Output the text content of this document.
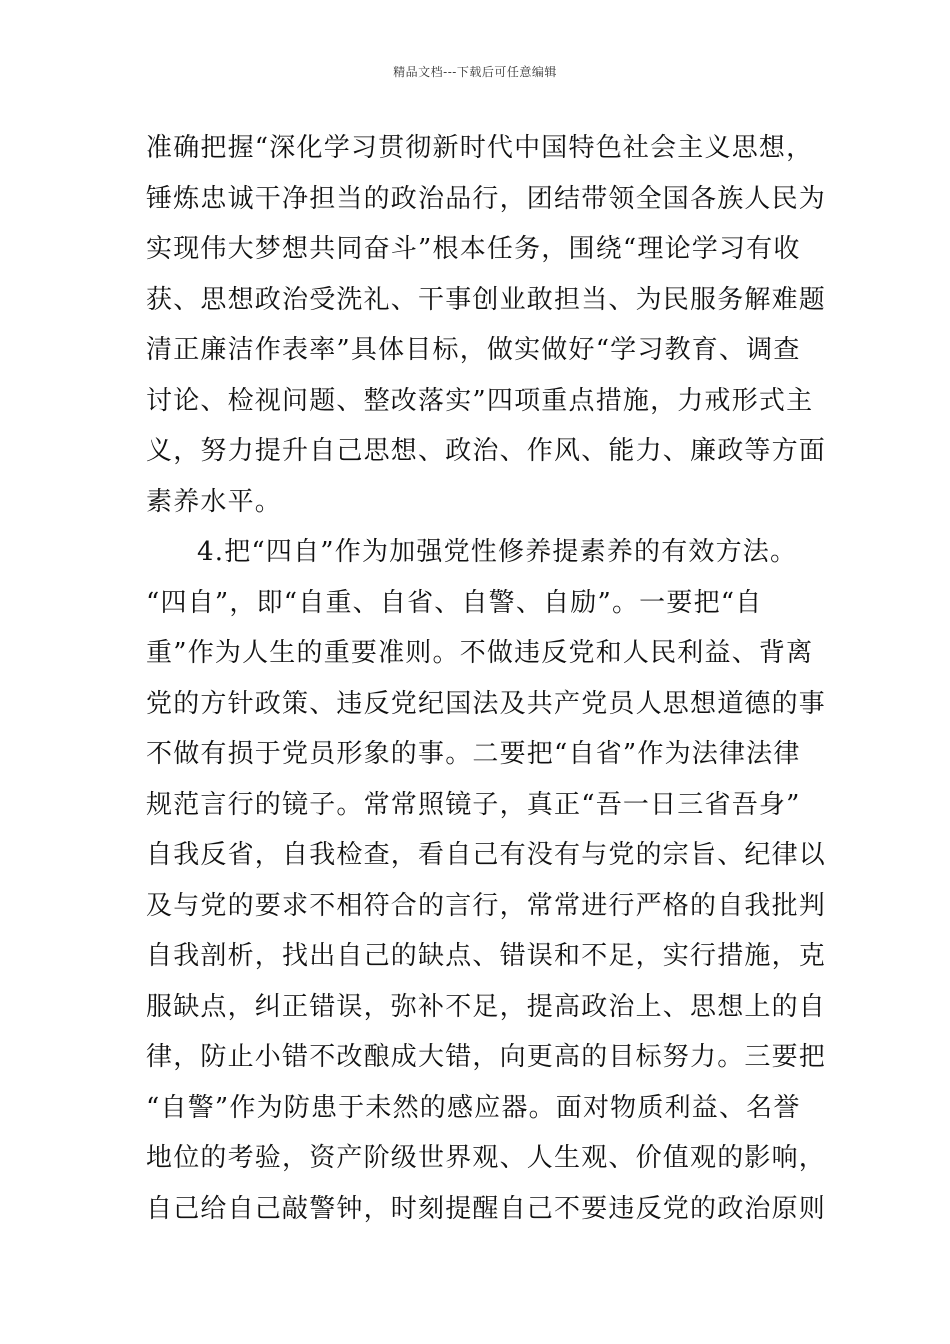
精品文档---下载后可任意编辑
准确把握“深化学习贯彻新时代中国特色社会主义思想，
锤炼忠诚干净担当的政治品行，团结带领全国各族人民为
实现伟大梦想共同奋斗”根本任务，围绕“理论学习有收
获、思想政治受洗礼、干事创业敢担当、为民服务解难题
清正廉洁作表率”具体目标，做实做好“学习教育、调查
讨论、检视问题、整改落实”四项重点措施，力戒形式主
义，努力提升自己思想、政治、作风、能力、廉政等方面
素养水平。
4.把“四自”作为加强党性修养提素养的有效方法。
“四自”，即“自重、自省、自警、自励”。一要把“自
重”作为人生的重要准则。不做违反党和人民利益、背离
党的方针政策、违反党纪国法及共产党员人思想道德的事
不做有损于党员形象的事。二要把“自省”作为法律法律
规范言行的镜子。常常照镜子，真正“吾一日三省吾身”
自我反省，自我检查，看自己有没有与党的宗旨、纪律以
及与党的要求不相符合的言行，常常进行严格的自我批判
自我剖析，找出自己的缺点、错误和不足，实行措施，克
服缺点，纠正错误，弥补不足，提高政治上、思想上的自
律，防止小错不改酿成大错，向更高的目标努力。三要把
“自警”作为防患于未然的感应器。面对物质利益、名誉
地位的考验，资产阶级世界观、人生观、价值观的影响，
自己给自己敲警钟，时刻提醒自己不要违反党的政治原则
